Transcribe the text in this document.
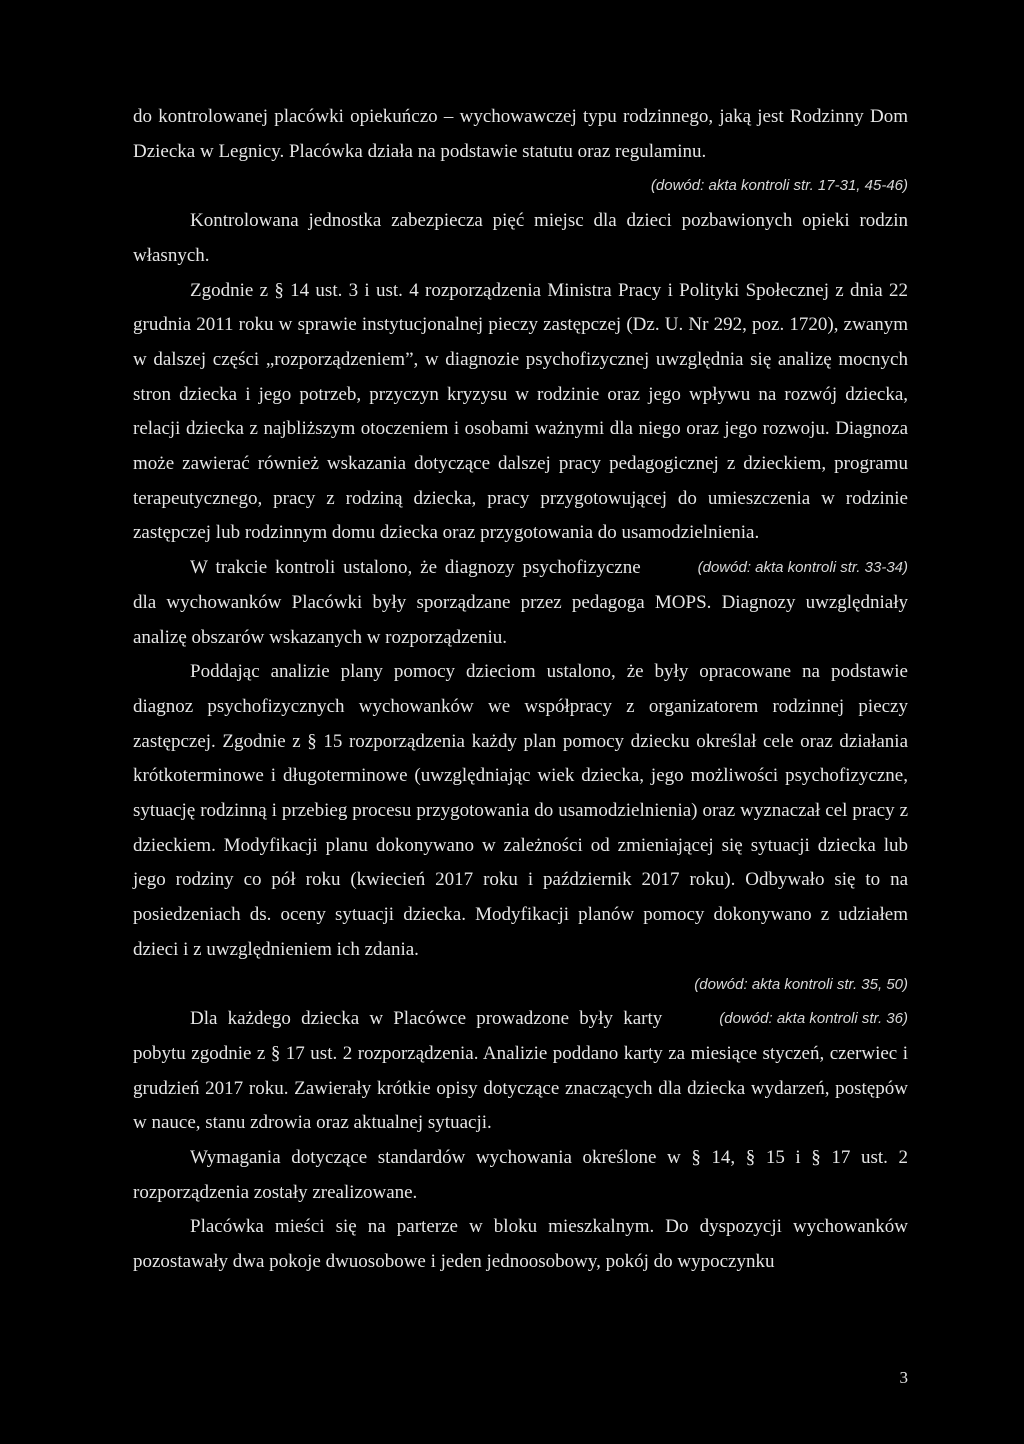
do kontrolowanej placówki opiekuńczo – wychowawczej typu rodzinnego, jaką jest Rodzinny Dom Dziecka w Legnicy. Placówka działa na podstawie statutu oraz regulaminu.

(dowód: akta kontroli str. 17-31, 45-46)

Kontrolowana jednostka zabezpiecza pięć miejsc dla dzieci pozbawionych opieki rodzin własnych.

Zgodnie z § 14 ust. 3 i ust. 4 rozporządzenia Ministra Pracy i Polityki Społecznej z dnia 22 grudnia 2011 roku w sprawie instytucjonalnej pieczy zastępczej (Dz. U. Nr 292, poz. 1720), zwanym w dalszej części „rozporządzeniem”, w diagnozie psychofizycznej uwzględnia się analizę mocnych stron dziecka i jego potrzeb, przyczyn kryzysu w rodzinie oraz jego wpływu na rozwój dziecka, relacji dziecka z najbliższym otoczeniem i osobami ważnymi dla niego oraz jego rozwoju. Diagnoza może zawierać również wskazania dotyczące dalszej pracy pedagogicznej z dzieckiem, programu terapeutycznego, pracy z rodziną dziecka, pracy przygotowującej do umieszczenia w rodzinie zastępczej lub rodzinnym domu dziecka oraz przygotowania do usamodzielnienia.

(dowód: akta kontroli str. 33-34)
W trakcie kontroli ustalono, że diagnozy psychofizyczne dla wychowanków Placówki były sporządzane przez pedagoga MOPS. Diagnozy uwzględniały analizę obszarów wskazanych w rozporządzeniu.

Poddając analizie plany pomocy dzieciom ustalono, że były opracowane na podstawie diagnoz psychofizycznych wychowanków we współpracy z organizatorem rodzinnej pieczy zastępczej. Zgodnie z § 15 rozporządzenia każdy plan pomocy dziecku określał cele oraz działania krótkoterminowe i długoterminowe (uwzględniając wiek dziecka, jego możliwości psychofizyczne, sytuację rodzinną i przebieg procesu przygotowania do usamodzielnienia) oraz wyznaczał cel pracy z dzieckiem. Modyfikacji planu dokonywano w zależności od zmieniającej się sytuacji dziecka lub jego rodziny co pół roku (kwiecień 2017 roku i październik 2017 roku). Odbywało się to na posiedzeniach ds. oceny sytuacji dziecka. Modyfikacji planów pomocy dokonywano z udziałem dzieci i z uwzględnieniem ich zdania.

(dowód: akta kontroli str. 35, 50)

(dowód: akta kontroli str. 36)
Dla każdego dziecka w Placówce prowadzone były karty pobytu zgodnie z § 17 ust. 2 rozporządzenia. Analizie poddano karty za miesiące styczeń, czerwiec i grudzień 2017 roku. Zawierały krótkie opisy dotyczące znaczących dla dziecka wydarzeń, postępów w nauce, stanu zdrowia oraz aktualnej sytuacji.

Wymagania dotyczące standardów wychowania określone w § 14, § 15 i § 17 ust. 2 rozporządzenia zostały zrealizowane.

Placówka mieści się na parterze w bloku mieszkalnym. Do dyspozycji wychowanków pozostawały dwa pokoje dwuosobowe i jeden jednoosobowy, pokój do wypoczynku

3
